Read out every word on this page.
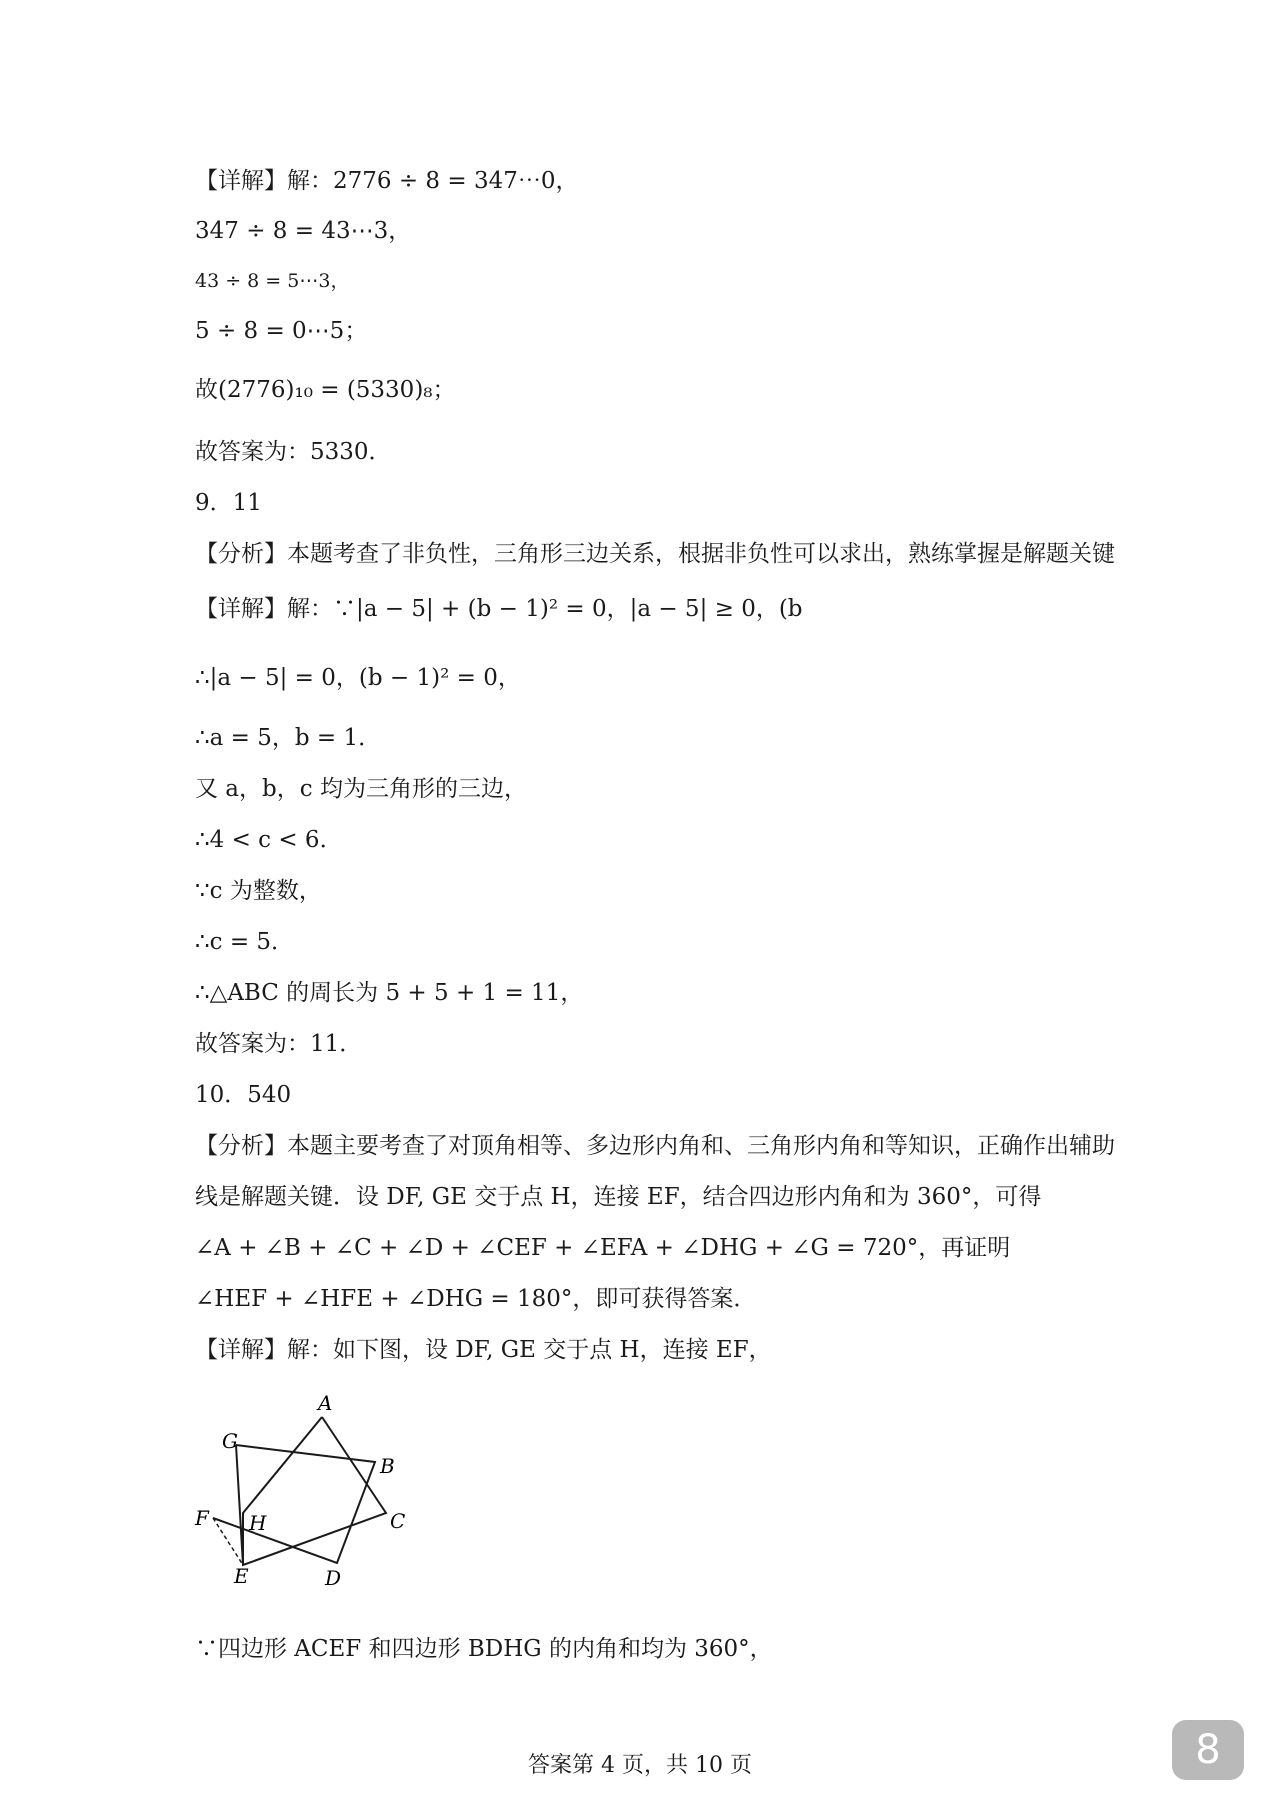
【详解】解：2776 ÷ 8 = 347⋯0，
347 ÷ 8 = 43⋯3，
43 ÷ 8 = 5⋯3，
5 ÷ 8 = 0⋯5；
故(2776)₁₀ = (5330)₈；
故答案为：5330．
9．11
【分析】本题考查了非负性，三角形三边关系，根据非负性可以求出，熟练掌握是解题关键
【详解】解：∵|a − 5| + (b − 1)² = 0，|a − 5| ≥ 0，(b
∴|a − 5| = 0，(b − 1)² = 0，
∴a = 5，b = 1．
又 a，b，c 均为三角形的三边，
∴4 < c < 6．
∵c 为整数，
∴c = 5．
∴△ABC 的周长为 5 + 5 + 1 = 11，
故答案为：11．
10．540
【分析】本题主要考查了对顶角相等、多边形内角和、三角形内角和等知识，正确作出辅助
线是解题关键．设 DF, GE 交于点 H，连接 EF，结合四边形内角和为 360°，可得
∠A + ∠B + ∠C + ∠D + ∠CEF + ∠EFA + ∠DHG + ∠G = 720°，再证明
∠HEF + ∠HFE + ∠DHG = 180°，即可获得答案．
【详解】解：如下图，设 DF, GE 交于点 H，连接 EF，
A
B
C
D
E
F
G
H
∵四边形 ACEF 和四边形 BDHG 的内角和均为 360°，
答案第 4 页，共 10 页	8
